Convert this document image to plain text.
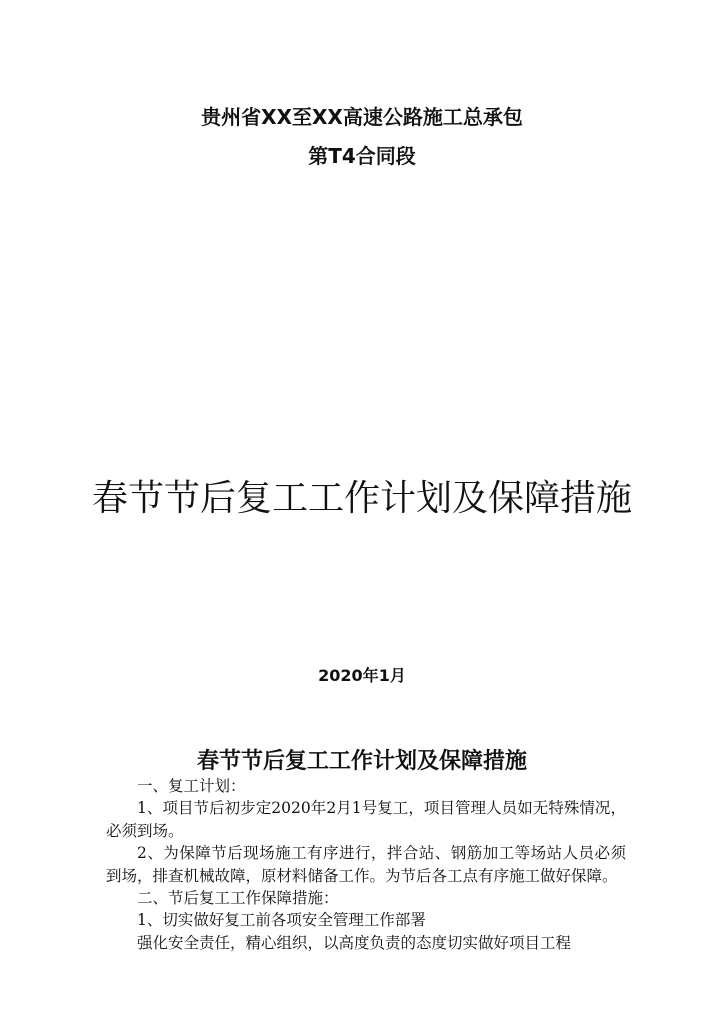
贵州省XX至XX高速公路施工总承包
第T4合同段
春节节后复工工作计划及保障措施
2020年1月
春节节后复工工作计划及保障措施

一、复工计划：

1、项目节后初步定2020年2月1号复工，项目管理人员如无特殊情况，必须到场。

2、为保障节后现场施工有序进行，拌合站、钢筋加工等场站人员必须到场，排查机械故障，原材料储备工作。为节后各工点有序施工做好保障。

二、节后复工工作保障措施：

1、切实做好复工前各项安全管理工作部署

强化安全责任，精心组织，以高度负责的态度切实做好项目工程
